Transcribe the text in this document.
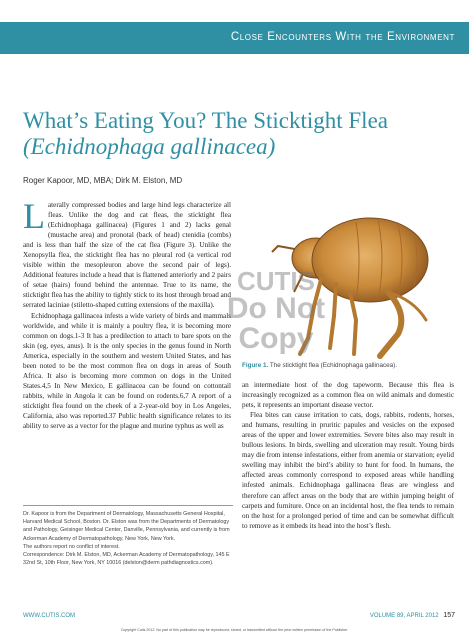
Close Encounters With the Environment
What’s Eating You? The Sticktight Flea
(Echidnophaga gallinacea)
Roger Kapoor, MD, MBA; Dirk M. Elston, MD

Laterally compressed bodies and large hind legs characterize all fleas. Unlike the dog and cat fleas, the sticktight flea (Echidnophaga gallinacea) (Figures 1 and 2) lacks genal (mustache area) and pronotal (back of head) ctenidia (combs) and is less than half the size of the cat flea (Figure 3). Unlike the Xenopsylla flea, the sticktight flea has no pleural rod (a vertical rod visible within the mesopleuron above the second pair of legs). Additional features include a head that is flattened anteriorly and 2 pairs of setae (hairs) found behind the antennae. True to its name, the sticktight flea has the ability to tightly stick to its host through broad and serrated laciniae (stiletto-shaped cutting extensions of the maxilla).

Echidnophaga gallinacea infests a wide variety of birds and mammals worldwide, and while it is mainly a poultry flea, it is becoming more common on dogs.1-3 It has a predilection to attach to bare spots on the skin (eg, eyes, anus). It is the only species in the genus found in North America, especially in the southern and western United States, and has been noted to be the most common flea on dogs in areas of South Africa. It also is becoming more common on dogs in the United States.4,5 In New Mexico, E gallinacea can be found on cottontail rabbits, while in Angola it can be found on rodents.6,7 A report of a sticktight flea found on the cheek of a 2-year-old boy in Los Angeles, California, also was reported.37 Public health significance relates to its ability to serve as a vector for the plague and murine typhus as well as

Dr. Kapoor is from the Department of Dermatology, Massachusetts General Hospital, Harvard Medical School, Boston. Dr. Elston was from the Departments of Dermatology and Pathology, Geisinger Medical Center, Danville, Pennsylvania, and currently is from Ackerman Academy of Dermatopathology, New York, New York.

The authors report no conflict of interest.

Correspondence: Dirk M. Elston, MD, Ackerman Academy of Dermatopathology, 145 E 32nd St, 10th Floor, New York, NY 10016 (delston@derm pathdiagnostics.com).

Figure 1. The sticktight flea (Echidnophaga gallinacea).

an intermediate host of the dog tapeworm. Because this flea is increasingly recognized as a common flea on wild animals and domestic pets, it represents an important disease vector.

Flea bites can cause irritation to cats, dogs, rabbits, rodents, horses, and humans, resulting in pruritic papules and vesicles on the exposed areas of the upper and lower extremities. Severe bites also may result in bullous lesions. In birds, swelling and ulceration may result. Young birds may die from intense infestations, either from anemia or starvation; eyelid swelling may inhibit the bird’s ability to hunt for food. In humans, the affected areas commonly correspond to exposed areas while handling infested animals. Echidnophaga gallinacea fleas are wingless and therefore can affect areas on the body that are within jumping height of carpets and furniture. Once on an incidental host, the flea tends to remain on the host for a prolonged period of time and can be somewhat difficult to remove as it embeds its head into the host’s flesh.

CUTIS
Do Not Copy
WWW.CUTIS.COM	VOLUME 89, APRIL 2012 157
Copyright Cutis 2012. No part of this publication may be reproduced, stored, or transmitted without the prior written permission of the Publisher.
